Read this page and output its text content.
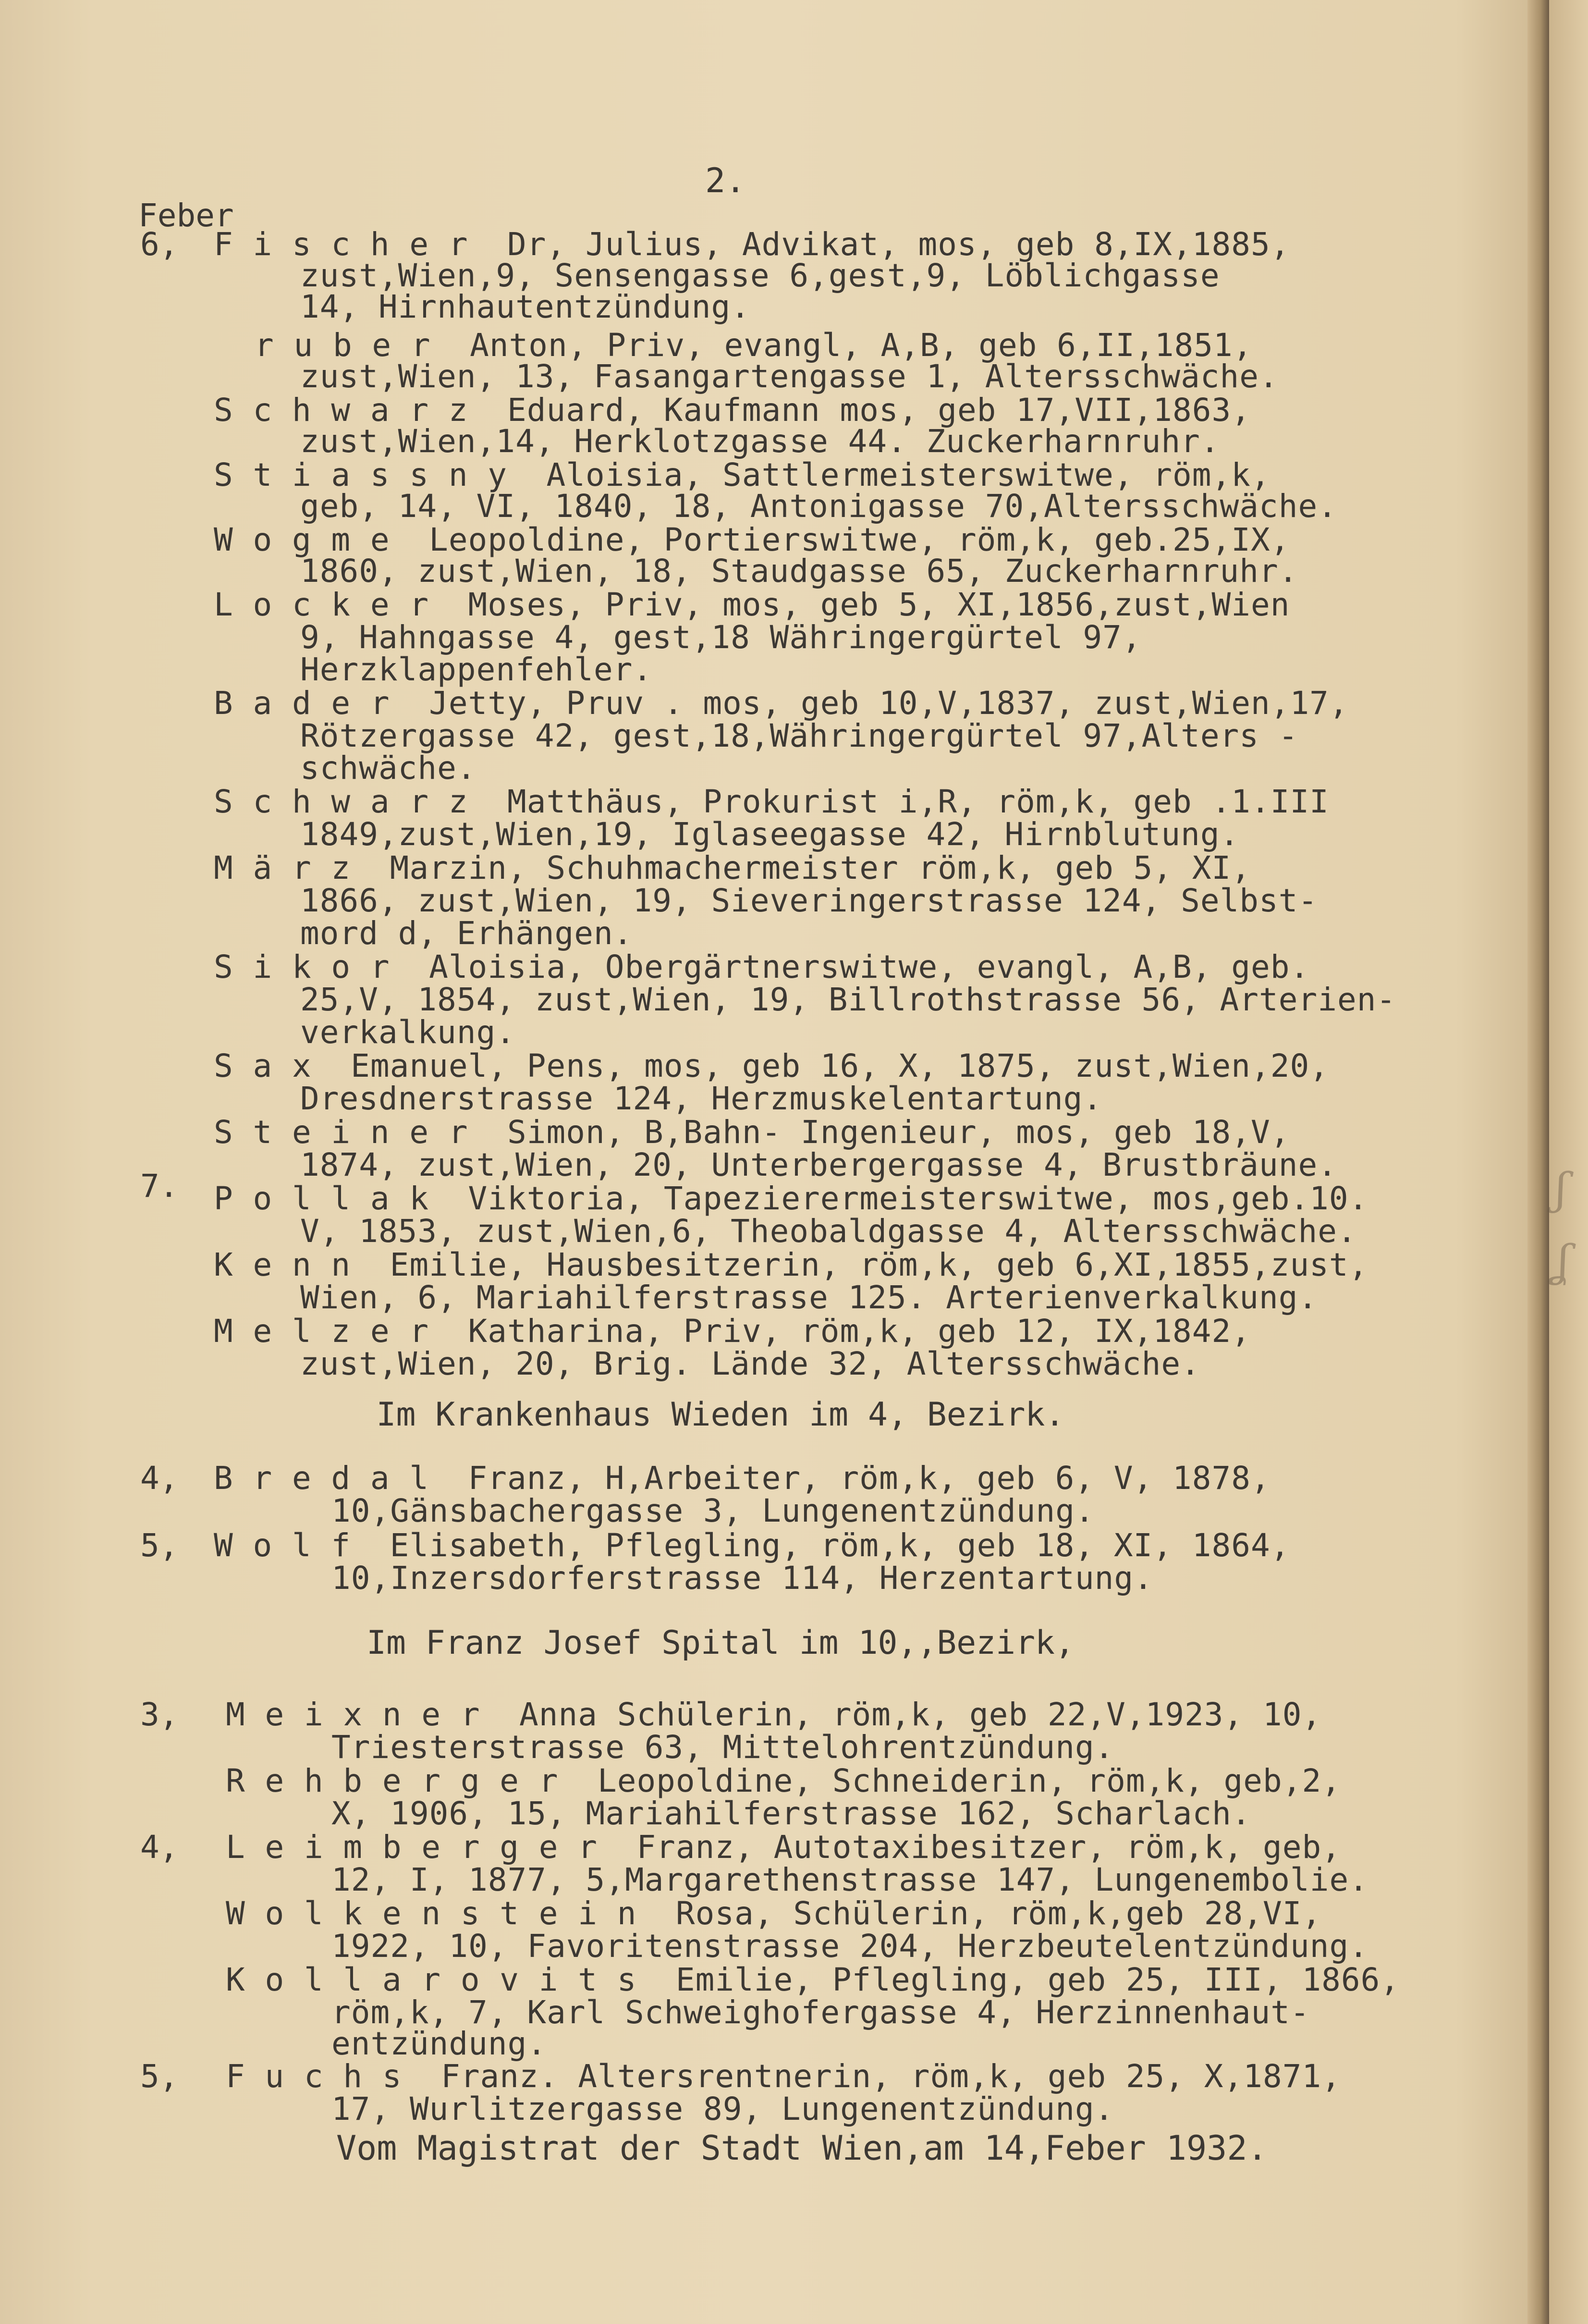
2.
Feber
6,
7.
4,
5,
3,
4,
5,
F i s c h e r  Dr, Julius, Advikat, mos, geb 8,IX,1885,
zust,Wien,9, Sensengasse 6,gest,9, Löblichgasse
14, Hirnhautentzündung.
r u b e r  Anton, Priv, evangl, A,B, geb 6,II,1851,
zust,Wien, 13, Fasangartengasse 1, Altersschwäche.
S c h w a r z  Eduard, Kaufmann mos, geb 17,VII,1863,
zust,Wien,14, Herklotzgasse 44. Zuckerharnruhr.
S t i a s s n y  Aloisia, Sattlermeisterswitwe, röm,k,
geb, 14, VI, 1840, 18, Antonigasse 70,Altersschwäche.
W o g m e  Leopoldine, Portierswitwe, röm,k, geb.25,IX,
1860, zust,Wien, 18, Staudgasse 65, Zuckerharnruhr.
L o c k e r  Moses, Priv, mos, geb 5, XI,1856,zust,Wien
9, Hahngasse 4, gest,18 Währingergürtel 97,
Herzklappenfehler.
B a d e r  Jetty, Pruv . mos, geb 10,V,1837, zust,Wien,17,
Rötzergasse 42, gest,18,Währingergürtel 97,Alters -
schwäche.
S c h w a r z  Matthäus, Prokurist i,R, röm,k, geb .1.III
1849,zust,Wien,19, Iglaseegasse 42, Hirnblutung.
M ä r z  Marzin, Schuhmachermeister röm,k, geb 5, XI,
1866, zust,Wien, 19, Sieveringerstrasse 124, Selbst-
mord d, Erhängen.
S i k o r  Aloisia, Obergärtnerswitwe, evangl, A,B, geb.
25,V, 1854, zust,Wien, 19, Billrothstrasse 56, Arterien-
verkalkung.
S a x  Emanuel, Pens, mos, geb 16, X, 1875, zust,Wien,20,
Dresdnerstrasse 124, Herzmuskelentartung.
S t e i n e r  Simon, B,Bahn- Ingenieur, mos, geb 18,V,
1874, zust,Wien, 20, Unterbergergasse 4, Brustbräune.
P o l l a k  Viktoria, Tapezierermeisterswitwe, mos,geb.10.
V, 1853, zust,Wien,6, Theobaldgasse 4, Altersschwäche.
K e n n  Emilie, Hausbesitzerin, röm,k, geb 6,XI,1855,zust,
Wien, 6, Mariahilferstrasse 125. Arterienverkalkung.
M e l z e r  Katharina, Priv, röm,k, geb 12, IX,1842,
zust,Wien, 20, Brig. Lände 32, Altersschwäche.
Im Krankenhaus Wieden im 4, Bezirk.
B r e d a l  Franz, H,Arbeiter, röm,k, geb 6, V, 1878,
10,Gänsbachergasse 3, Lungenentzündung.
W o l f  Elisabeth, Pflegling, röm,k, geb 18, XI, 1864,
10,Inzersdorferstrasse 114, Herzentartung.
Im Franz Josef Spital im 10,,Bezirk,
M e i x n e r  Anna Schülerin, röm,k, geb 22,V,1923, 10,
Triesterstrasse 63, Mittelohrentzündung.
R e h b e r g e r  Leopoldine, Schneiderin, röm,k, geb,2,
X, 1906, 15, Mariahilferstrasse 162, Scharlach.
L e i m b e r g e r  Franz, Autotaxibesitzer, röm,k, geb,
12, I, 1877, 5,Margarethenstrasse 147, Lungenembolie.
W o l k e n s t e i n  Rosa, Schülerin, röm,k,geb 28,VI,
1922, 10, Favoritenstrasse 204, Herzbeutelentzündung.
K o l l a r o v i t s  Emilie, Pflegling, geb 25, III, 1866,
röm,k, 7, Karl Schweighofergasse 4, Herzinnenhaut-
entzündung.
F u c h s  Franz. Altersrentnerin, röm,k, geb 25, X,1871,
17, Wurlitzergasse 89, Lungenentzündung.
Vom Magistrat der Stadt Wien,am 14,Feber 1932.
ʃ
ʆ
